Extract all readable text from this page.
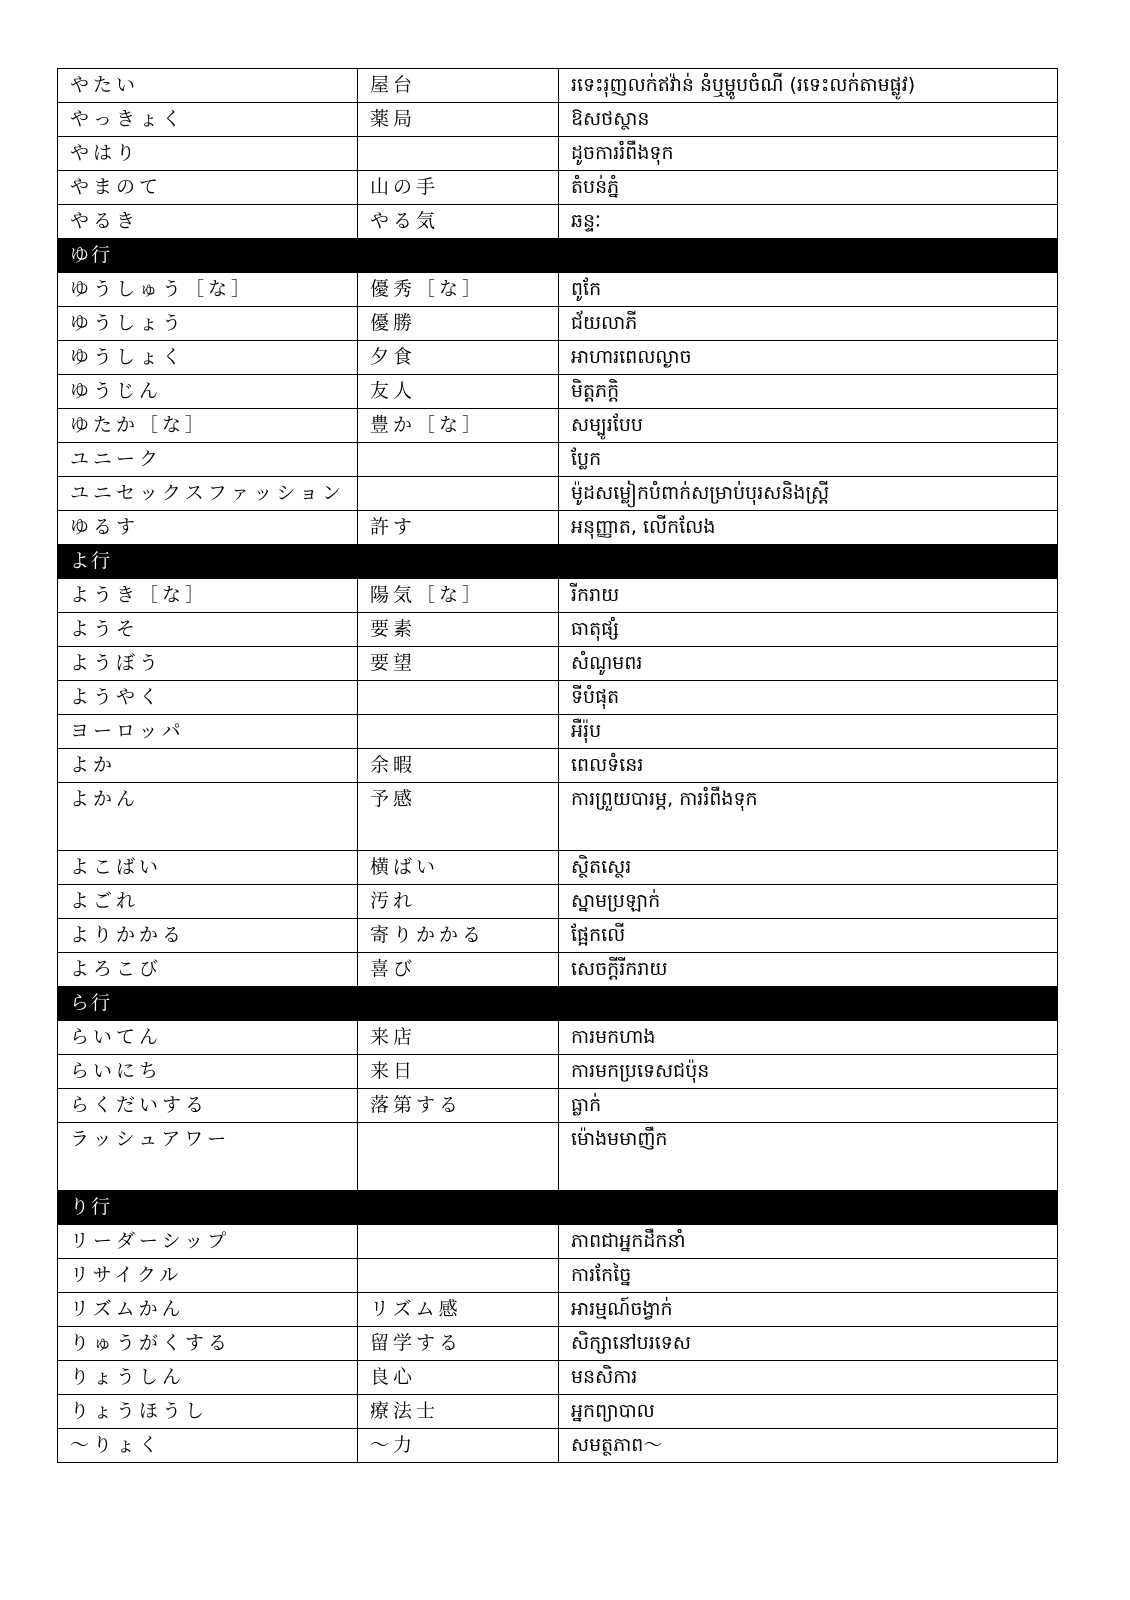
やたい	屋台	រទេះរុញលក់ឥវ៉ាន់ នំឬម្ហូបចំណី (រទេះលក់តាមផ្លូវ)
やっきょく	薬局	ឱសថស្ថាន
やはり		ដូចការរំពឹងទុក
やまのて	山の手	តំបន់ភ្នំ
やるき	やる気	ឆន្ទៈ
ゆ行		
ゆうしゅう［な］	優秀［な］	ពូកែ
ゆうしょう	優勝	ជ័យលាភី
ゆうしょく	夕食	អាហារពេលល្ងាច
ゆうじん	友人	មិត្តភក្តិ
ゆたか［な］	豊か［な］	សម្បូរបែប
ユニーク		ប្លែក
ユニセックスファッション		ម៉ូដសម្លៀកបំពាក់សម្រាប់បុរសនិងស្ត្រី
ゆるす	許す	អនុញ្ញាត, លើកលែង
よ行		
ようき［な］	陽気［な］	រីករាយ
ようそ	要素	ធាតុផ្សំ
ようぼう	要望	សំណូមពរ
ようやく		ទីបំផុត
ヨーロッパ		អឺរ៉ុប
よか	余暇	ពេលទំនេរ
よかん	予感	ការព្រួយបារម្ភ, ការរំពឹងទុក
よこばい	横ばい	ស្ថិតស្ថេរ
よごれ	汚れ	ស្នាមប្រឡាក់
よりかかる	寄りかかる	ផ្អែកលើ
よろこび	喜び	សេចក្តីរីករាយ
ら行		
らいてん	来店	ការមកហាង
らいにち	来日	ការមកប្រទេសជប៉ុន
らくだいする	落第する	ធ្លាក់
ラッシュアワー		ម៉ោងមមាញឹក
り行		
リーダーシップ		ភាពជាអ្នកដឹកនាំ
リサイクル		ការកែច្នៃ
リズムかん	リズム感	អារម្មណ៍ចង្វាក់
りゅうがくする	留学する	សិក្សានៅបរទេស
りょうしん	良心	មនសិការ
りょうほうし	療法士	អ្នកព្យាបាល
〜りょく	〜力	សមត្ថភាព〜
